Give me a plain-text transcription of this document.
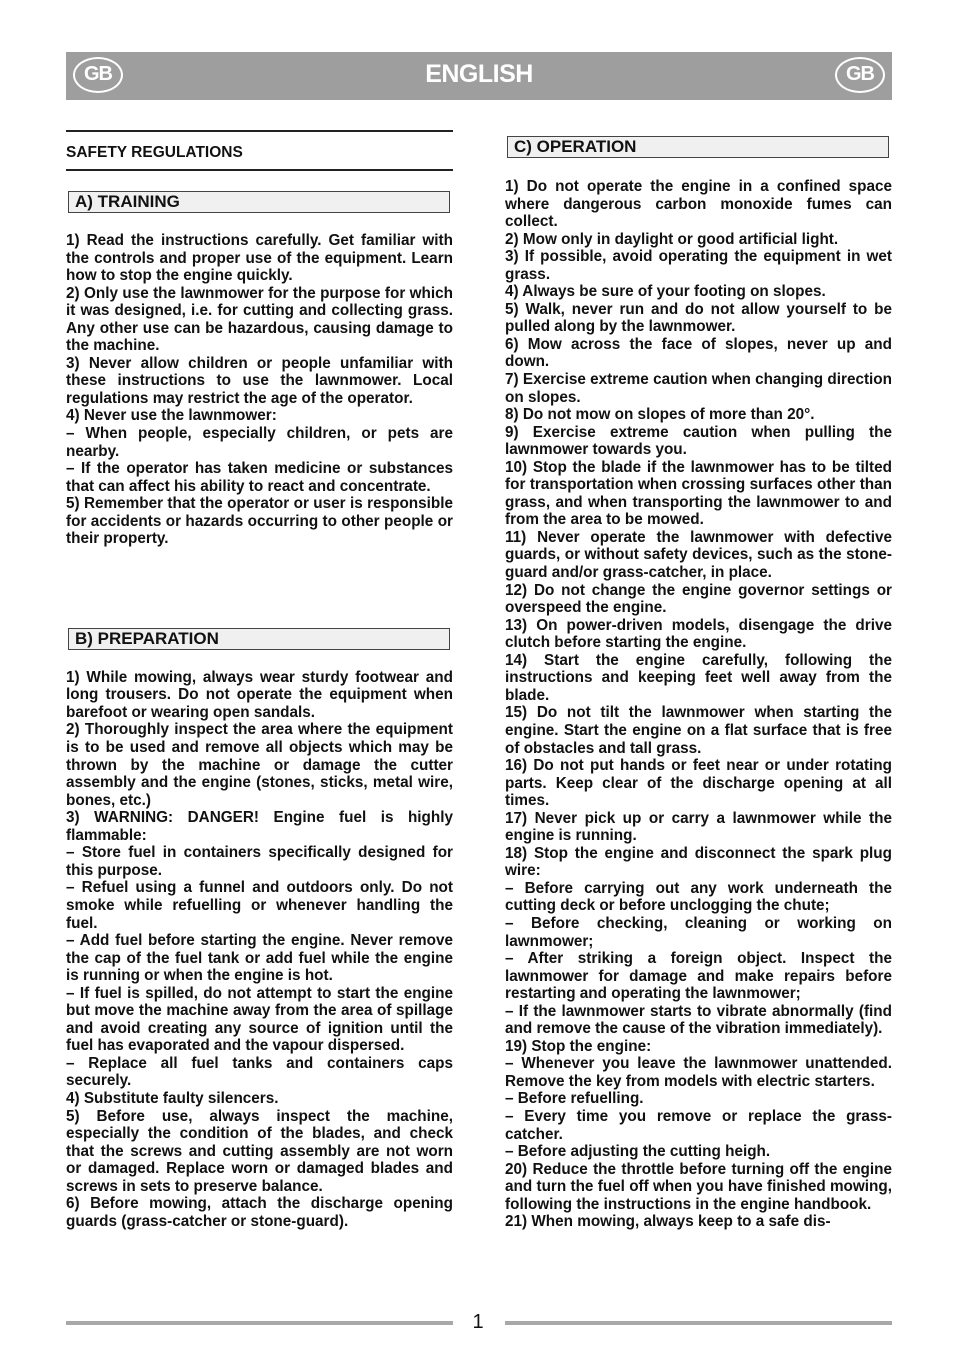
GB	ENGLISH	GB
SAFETY REGULATIONS
A) TRAINING

1) Read the instructions carefully. Get familiar with the controls and proper use of the equipment. Learn how to stop the engine quickly.

2) Only use the lawnmower for the purpose for which it was designed, i.e. for cutting and collecting grass. Any other use can be hazardous, causing damage to the machine.

3) Never allow children or people unfamiliar with these instructions to use the lawnmower. Local regulations may restrict the age of the operator.

4) Never use the lawnmower:

– When people, especially children, or pets are nearby.

– If the operator has taken medicine or substances that can affect his ability to react and concentrate.

5) Remember that the operator or user is responsible for accidents or hazards occurring to other people or their property.

B) PREPARATION

1) While mowing, always wear sturdy footwear and long trousers. Do not operate the equipment when barefoot or wearing open sandals.

2) Thoroughly inspect the area where the equipment is to be used and remove all objects which may be thrown by the machine or damage the cutter assembly and the engine (stones, sticks, metal wire, bones, etc.)

3) WARNING: DANGER! Engine fuel is highly flammable:

– Store fuel in containers specifically designed for this purpose.

– Refuel using a funnel and outdoors only. Do not smoke while refuelling or whenever handling the fuel.

– Add fuel before starting the engine. Never remove the cap of the fuel tank or add fuel while the engine is running or when the engine is hot.

– If fuel is spilled, do not attempt to start the engine but move the machine away from the area of spillage and avoid creating any source of ignition until the fuel has evaporated and the vapour dispersed.

– Replace all fuel tanks and containers caps securely.

4) Substitute faulty silencers.

5) Before use, always inspect the machine, especially the condition of the blades, and check that the screws and cutting assembly are not worn or damaged. Replace worn or damaged blades and screws in sets to preserve balance.

6) Before mowing, attach the discharge opening guards (grass-catcher or stone-guard).

C) OPERATION

1) Do not operate the engine in a confined space where dangerous carbon monoxide fumes can collect.

2) Mow only in daylight or good artificial light.

3) If possible, avoid operating the equipment in wet grass.

4) Always be sure of your footing on slopes.

5) Walk, never run and do not allow yourself to be pulled along by the lawnmower.

6) Mow across the face of slopes, never up and down.

7) Exercise extreme caution when changing direction on slopes.

8) Do not mow on slopes of more than 20°.

9) Exercise extreme caution when pulling the lawnmower towards you.

10) Stop the blade if the lawnmower has to be tilted for transportation when crossing surfaces other than grass, and when transporting the lawnmower to and from the area to be mowed.

11) Never operate the lawnmower with defective guards, or without safety devices, such as the stone-guard and/or grass-catcher, in place.

12) Do not change the engine governor settings or overspeed the engine.

13) On power-driven models, disengage the drive clutch before starting the engine.

14) Start the engine carefully, following the instructions and keeping feet well away from the blade.

15) Do not tilt the lawnmower when starting the engine. Start the engine on a flat surface that is free of obstacles and tall grass.

16) Do not put hands or feet near or under rotating parts. Keep clear of the discharge opening at all times.

17) Never pick up or carry a lawnmower while the engine is running.

18) Stop the engine and disconnect the spark plug wire:

– Before carrying out any work underneath the cutting deck or before unclogging the chute;

– Before checking, cleaning or working on lawnmower;

– After striking a foreign object. Inspect the lawnmower for damage and make repairs before restarting and operating the lawnmower;

– If the lawnmower starts to vibrate abnormally (find and remove the cause of the vibration immediately).

19) Stop the engine:

– Whenever you leave the lawnmower unattended. Remove the key from models with electric starters.

– Before refuelling.

– Every time you remove or replace the grass-catcher.

– Before adjusting the cutting heigh.

20) Reduce the throttle before turning off the engine and turn the fuel off when you have finished mowing, following the instructions in the engine handbook.

21) When mowing, always keep to a safe dis-

1
